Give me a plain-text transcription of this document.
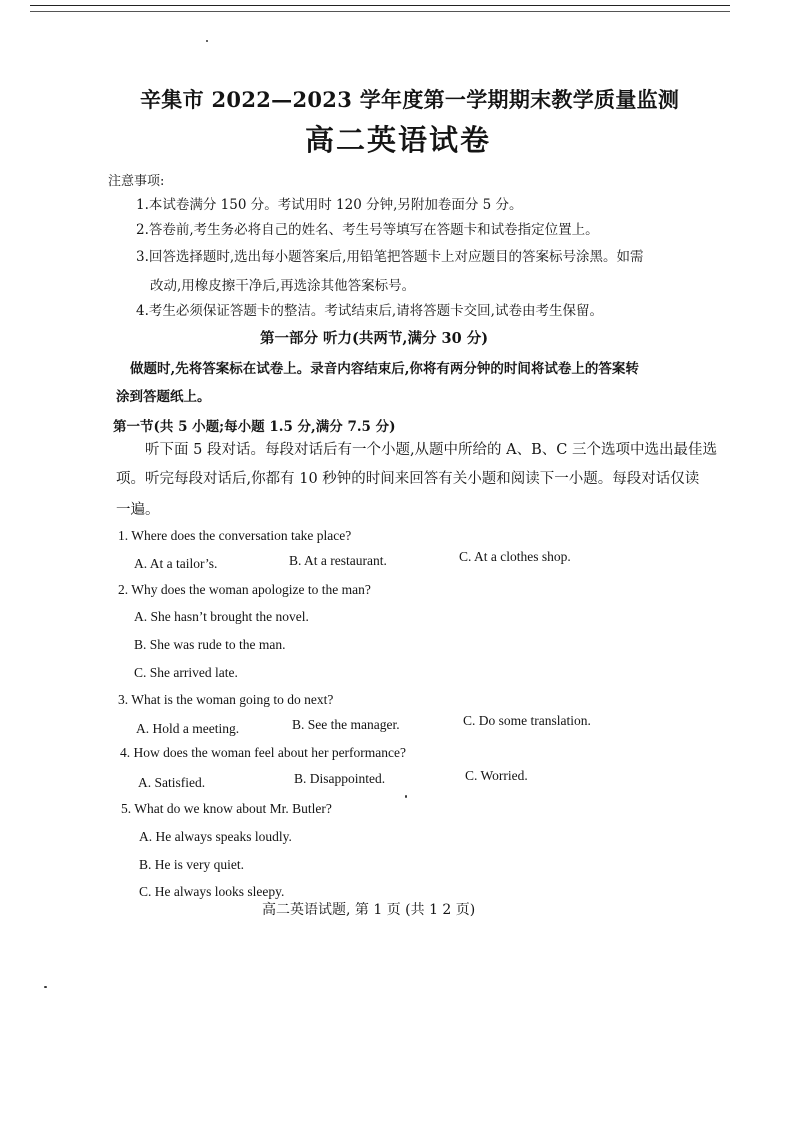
辛集市 2022—2023 学年度第一学期期末教学质量监测
高二英语试卷
注意事项:
1.本试卷满分 150 分。考试用时 120 分钟,另附加卷面分 5 分。
2.答卷前,考生务必将自己的姓名、考生号等填写在答题卡和试卷指定位置上。
3.回答选择题时,选出每小题答案后,用铅笔把答题卡上对应题目的答案标号涂黑。如需
改动,用橡皮擦干净后,再选涂其他答案标号。
4.考生必须保证答题卡的整洁。考试结束后,请将答题卡交回,试卷由考生保留。
第一部分 听力(共两节,满分 30 分)
做题时,先将答案标在试卷上。录音内容结束后,你将有两分钟的时间将试卷上的答案转
涂到答题纸上。
第一节(共 5 小题;每小题 1.5 分,满分 7.5 分)
听下面 5 段对话。每段对话后有一个小题,从题中所给的 A、B、C 三个选项中选出最佳选
项。听完每段对话后,你都有 10 秒钟的时间来回答有关小题和阅读下一小题。每段对话仅读
一遍。
1. Where does the conversation take place?
A. At a tailor’s.	B. At a restaurant.	C. At a clothes shop.
2. Why does the woman apologize to the man?
A. She hasn’t brought the novel.
B. She was rude to the man.
C. She arrived late.
3. What is the woman going to do next?
A. Hold a meeting.	B. See the manager.	C. Do some translation.
4. How does the woman feel about her performance?
A. Satisfied.	B. Disappointed.	C. Worried.
5. What do we know about Mr. Butler?
A. He always speaks loudly.
B. He is very quiet.
C. He always looks sleepy.
高二英语试题, 第 1 页 (共 1 2 页)
